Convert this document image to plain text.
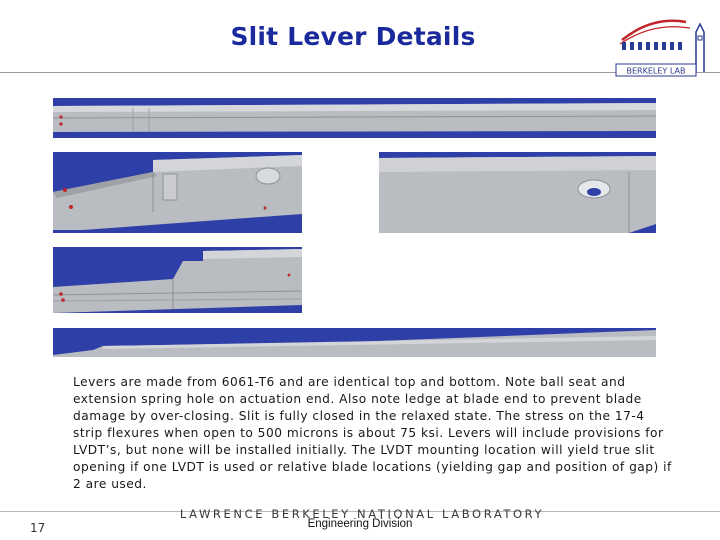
Slit Lever Details
BERKELEY LAB

Levers are made from 6061-T6 and are identical top and bottom. Note ball seat and extension spring hole on actuation end. Also note ledge at blade end to prevent blade damage by over-closing. Slit is fully closed in the relaxed state. The stress on the 17-4 strip flexures when open to 500 microns is about 75 ksi. Levers will include provisions for LVDT’s, but none will be installed initially. The LVDT mounting location will yield true slit opening if one LVDT is used or relative blade locations (yielding gap and position of gap) if 2 are used.

17
LAWRENCE BERKELEY NATIONAL LABORATORY
Engineering Division
